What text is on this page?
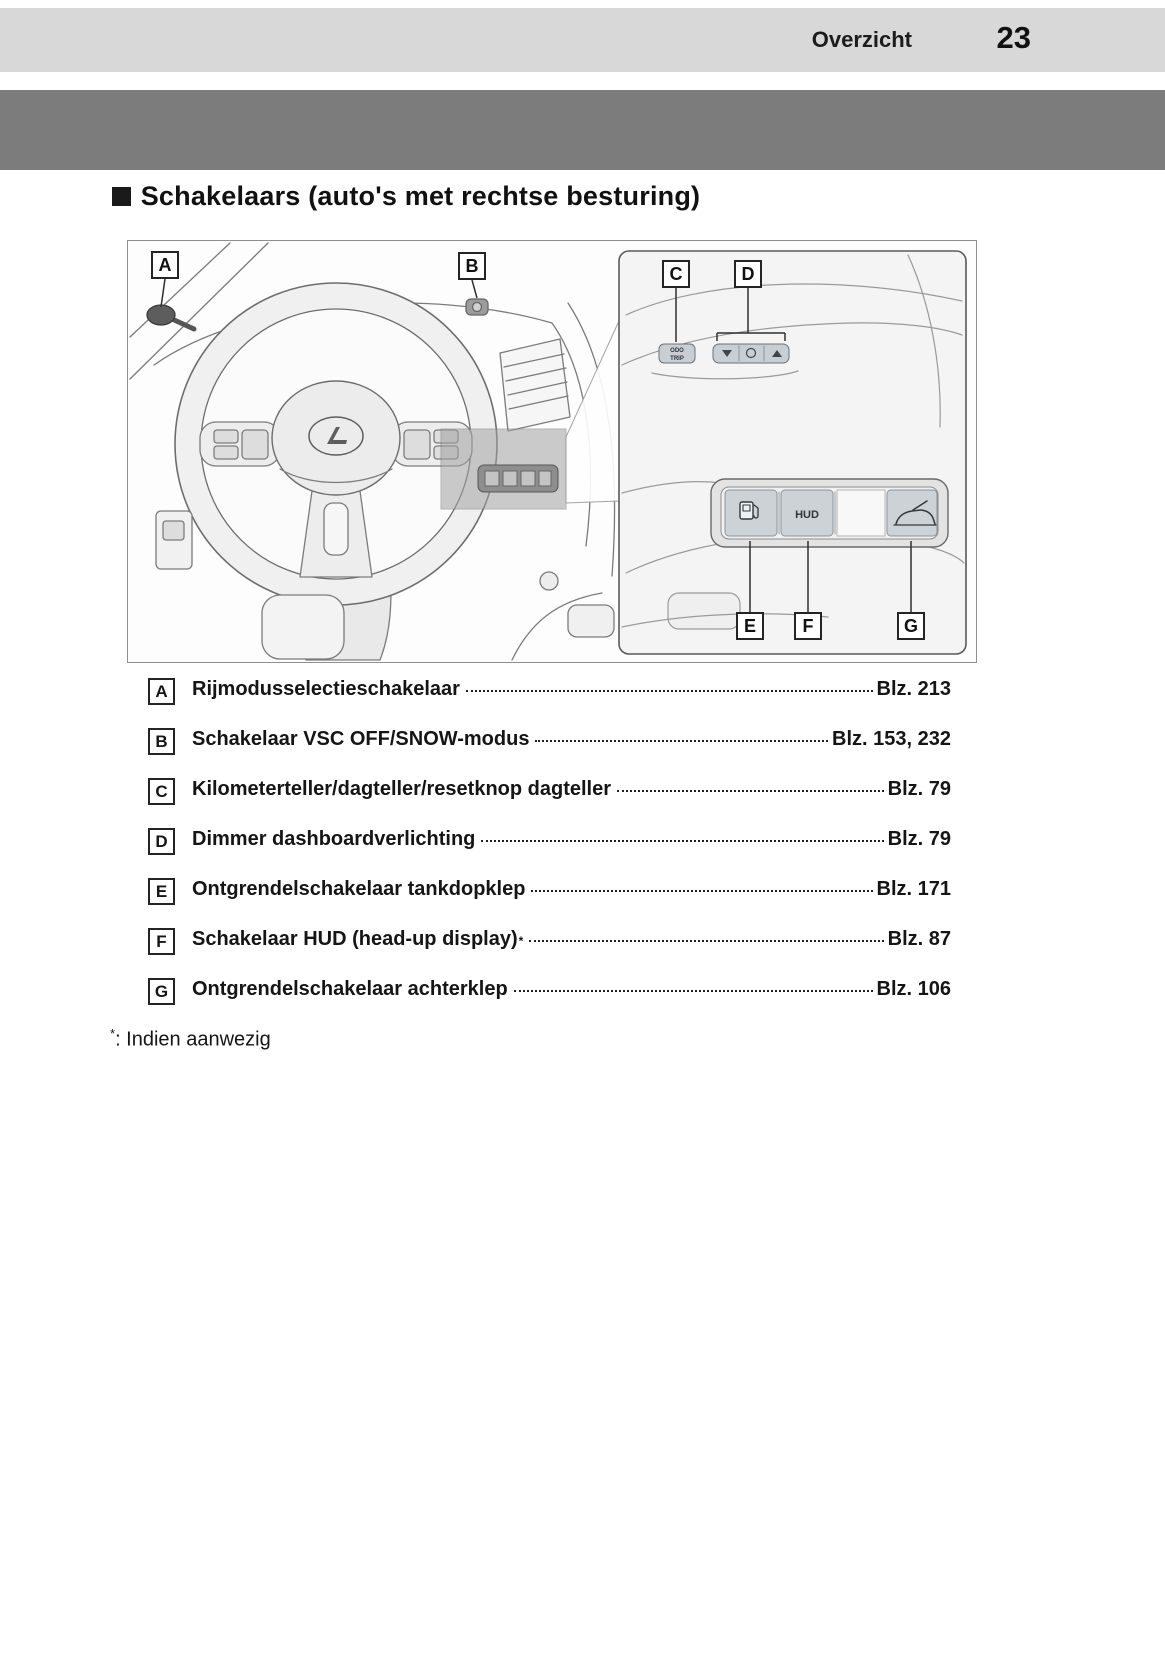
Overzicht	23
Schakelaars (auto's met rechtse besturing)
ODO
TRIP
HUD
A	B	C	D
E	F	G
A	Rijmodusselectieschakelaar	Blz. 213
B	Schakelaar VSC OFF/SNOW-modus	Blz. 153, 232
C	Kilometerteller/dagteller/resetknop dagteller	Blz. 79
D	Dimmer dashboardverlichting	Blz. 79
E	Ontgrendelschakelaar tankdopklep	Blz. 171
F	Schakelaar HUD (head-up display) *	Blz. 87
G	Ontgrendelschakelaar achterklep	Blz. 106
*: Indien aanwezig
